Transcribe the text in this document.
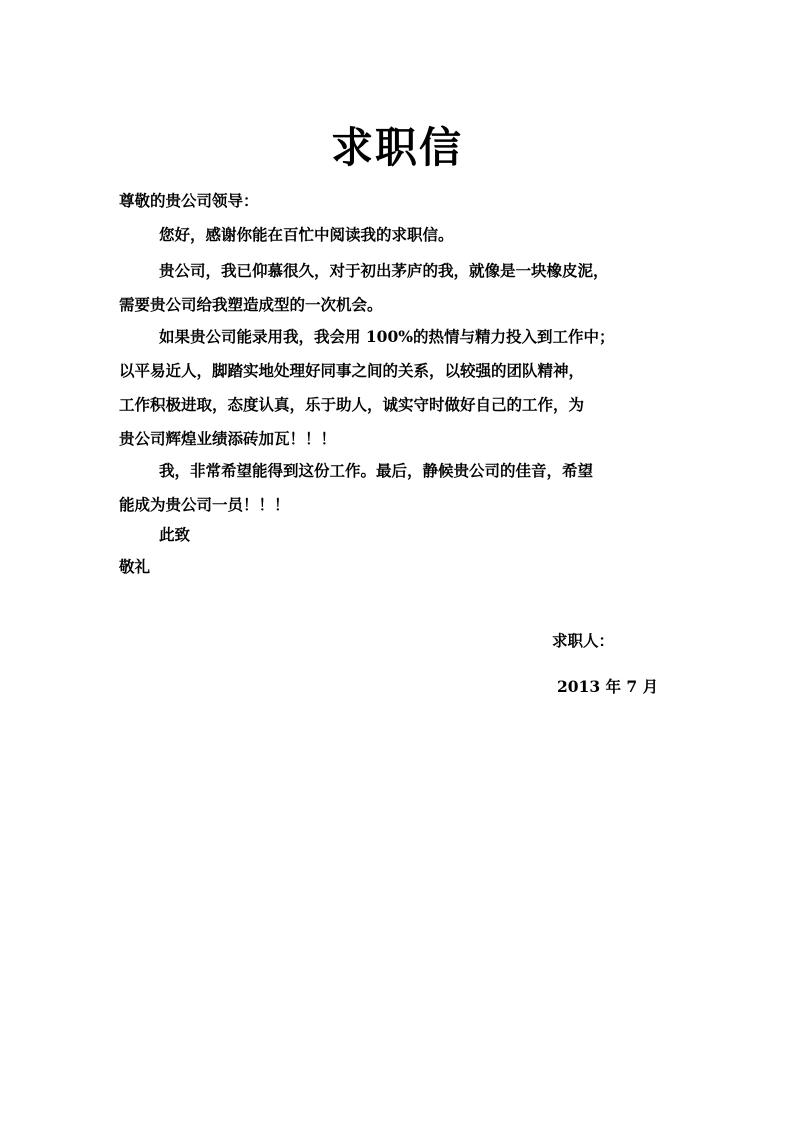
求职信
尊敬的贵公司领导：
您好，感谢你能在百忙中阅读我的求职信。
贵公司，我已仰慕很久，对于初出茅庐的我，就像是一块橡皮泥，
需要贵公司给我塑造成型的一次机会。
如果贵公司能录用我，我会用 100%的热情与精力投入到工作中；
以平易近人，脚踏实地处理好同事之间的关系，以较强的团队精神，
工作积极进取，态度认真，乐于助人，诚实守时做好自己的工作，为
贵公司辉煌业绩添砖加瓦！！！
我，非常希望能得到这份工作。最后，静候贵公司的佳音，希望
能成为贵公司一员！！！
此致
敬礼
求职人：
2013 年 7 月
